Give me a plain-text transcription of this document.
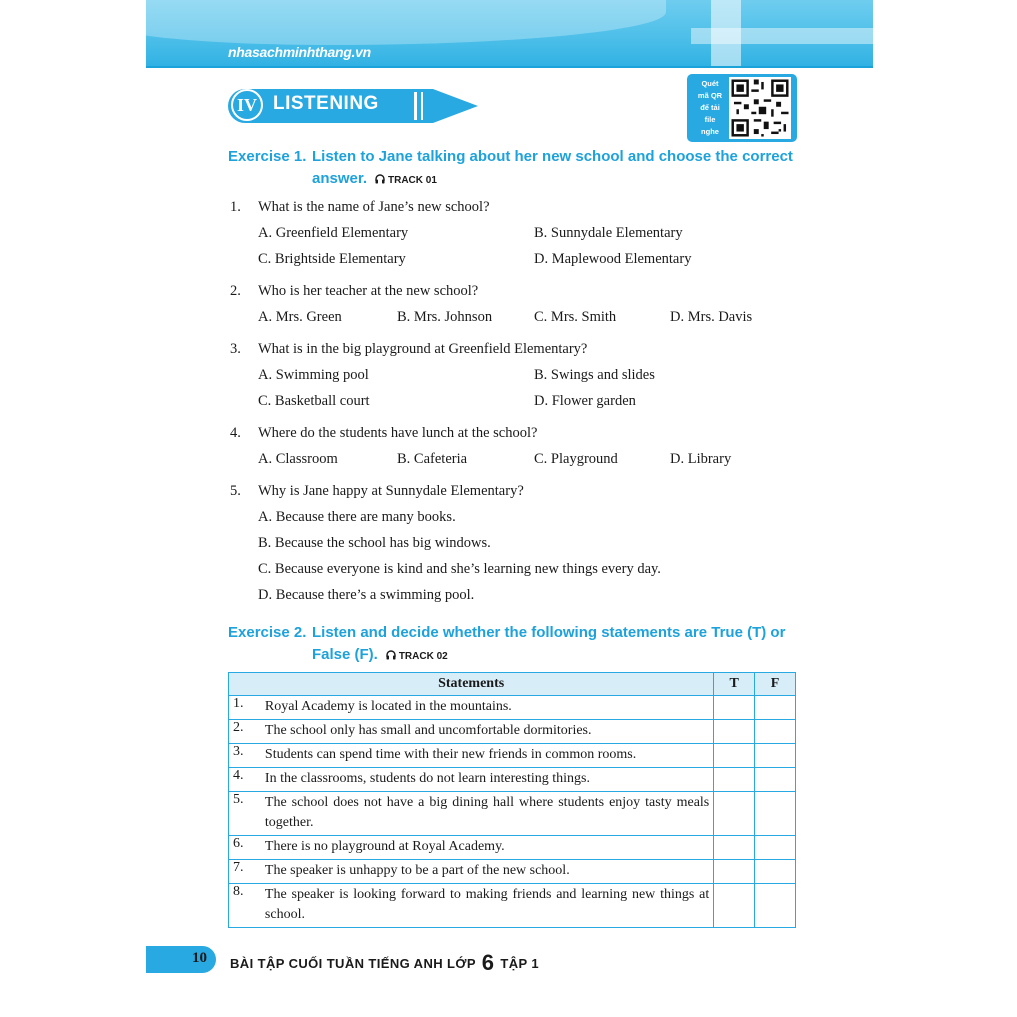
nhasachminhthang.vn
IV LISTENING
Quét
mã QR
để tải
file
nghe
Exercise 1. Listen to Jane talking about her new school and choose the correct answer. TRACK 01
1. What is the name of Jane’s new school?
A. Greenfield Elementary	B. Sunnydale Elementary
C. Brightside Elementary	D. Maplewood Elementary
2. Who is her teacher at the new school?
A. Mrs. Green	B. Mrs. Johnson	C. Mrs. Smith	D. Mrs. Davis
3. What is in the big playground at Greenfield Elementary?
A. Swimming pool	B. Swings and slides
C. Basketball court	D. Flower garden
4. Where do the students have lunch at the school?
A. Classroom	B. Cafeteria	C. Playground	D. Library
5. Why is Jane happy at Sunnydale Elementary?
A. Because there are many books.
B. Because the school has big windows.
C. Because everyone is kind and she’s learning new things every day.
D. Because there’s a swimming pool.
Exercise 2. Listen and decide whether the following statements are True (T) or False (F). TRACK 02
Statements		T	F
1.	Royal Academy is located in the mountains.		
2.	The school only has small and uncomfortable dormitories.		
3.	Students can spend time with their new friends in common rooms.		
4.	In the classrooms, students do not learn interesting things.		
5.	The school does not have a big dining hall where students enjoy tasty meals together.		
6.	There is no playground at Royal Academy.		
7.	The speaker is unhappy to be a part of the new school.		
8.	The speaker is looking forward to making friends and learning new things at school.		
10 BÀI TẬP CUỐI TUẦN TIẾNG ANH LỚP 6 TẬP 1
